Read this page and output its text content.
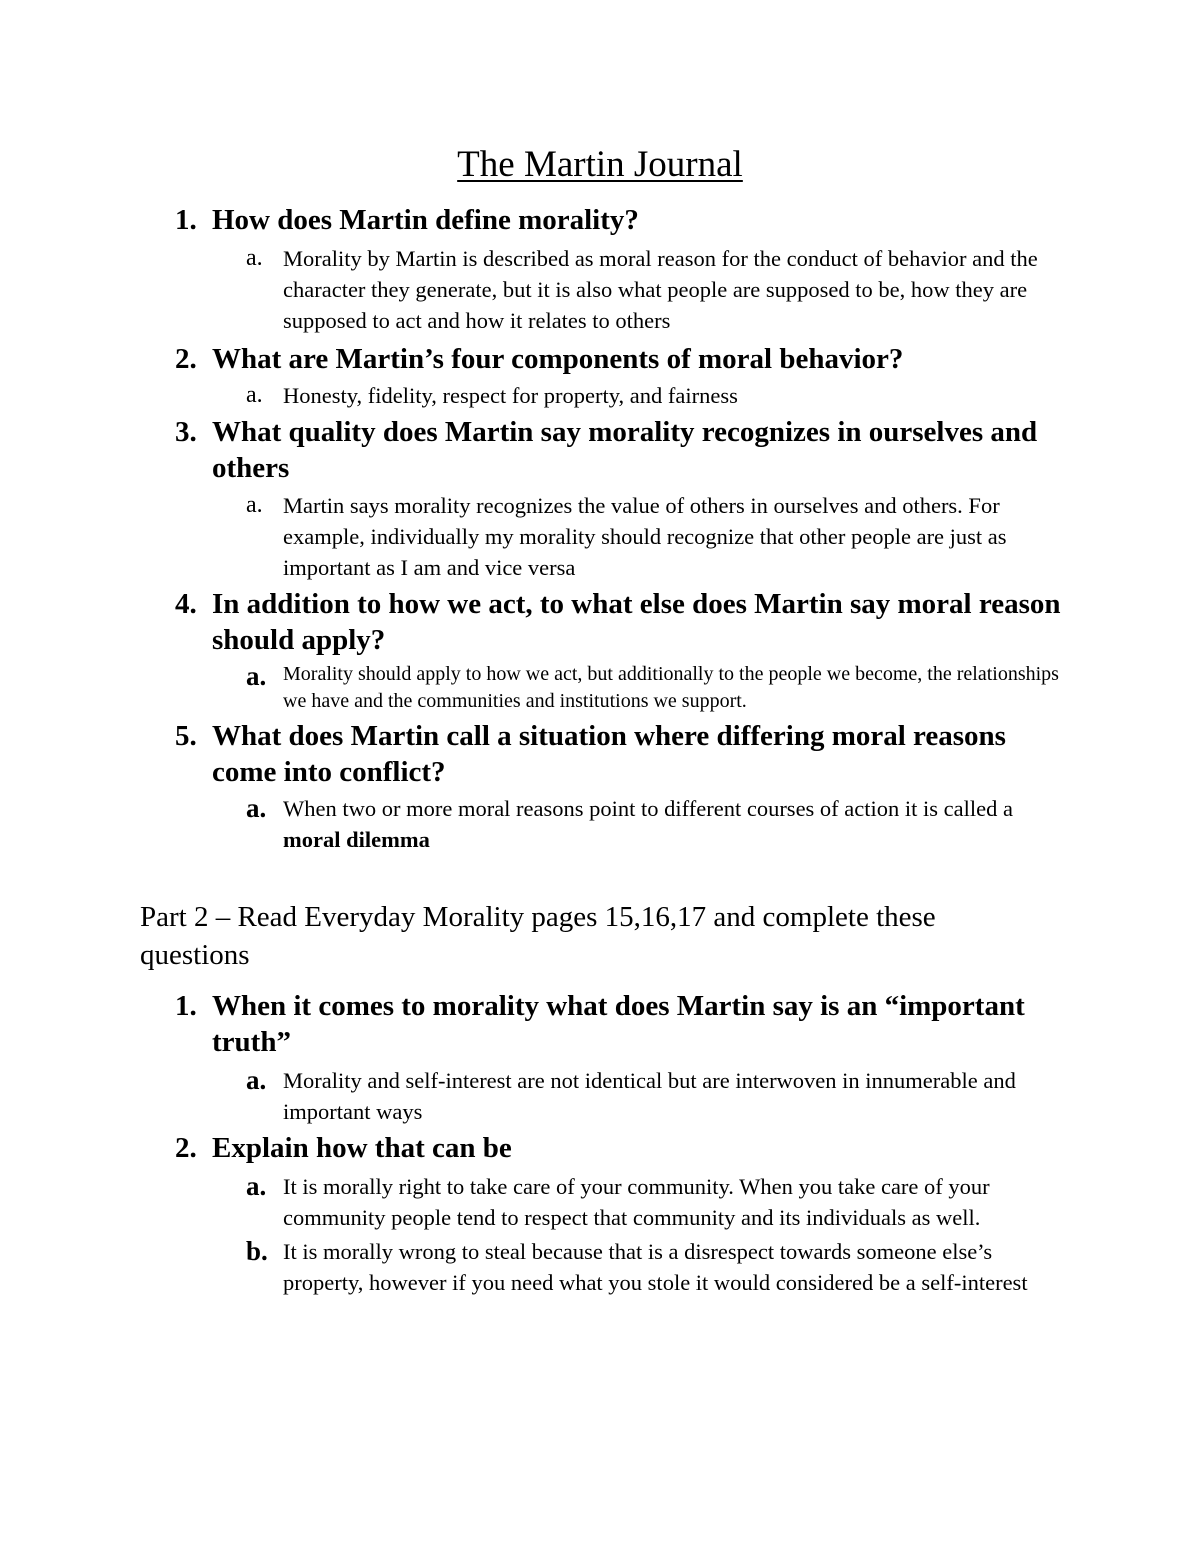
The Martin Journal
1. How does Martin define morality?
a. Morality by Martin is described as moral reason for the conduct of behavior and the character they generate, but it is also what people are supposed to be, how they are supposed to act and how it relates to others
2. What are Martin’s four components of moral behavior?
a. Honesty, fidelity, respect for property, and fairness
3. What quality does Martin say morality recognizes in ourselves and others
a. Martin says morality recognizes the value of others in ourselves and others. For example, individually my morality should recognize that other people are just as important as I am and vice versa
4. In addition to how we act, to what else does Martin say moral reason should apply?
a. Morality should apply to how we act, but additionally to the people we become, the relationships we have and the communities and institutions we support.
5. What does Martin call a situation where differing moral reasons come into conflict?
a. When two or more moral reasons point to different courses of action it is called a moral dilemma
Part 2 – Read Everyday Morality pages 15,16,17 and complete these questions
1. When it comes to morality what does Martin say is an “important truth”
a. Morality and self-interest are not identical but are interwoven in innumerable and important ways
2. Explain how that can be
a. It is morally right to take care of your community. When you take care of your community people tend to respect that community and its individuals as well.
b. It is morally wrong to steal because that is a disrespect towards someone else’s property, however if you need what you stole it would considered be a self-interest
